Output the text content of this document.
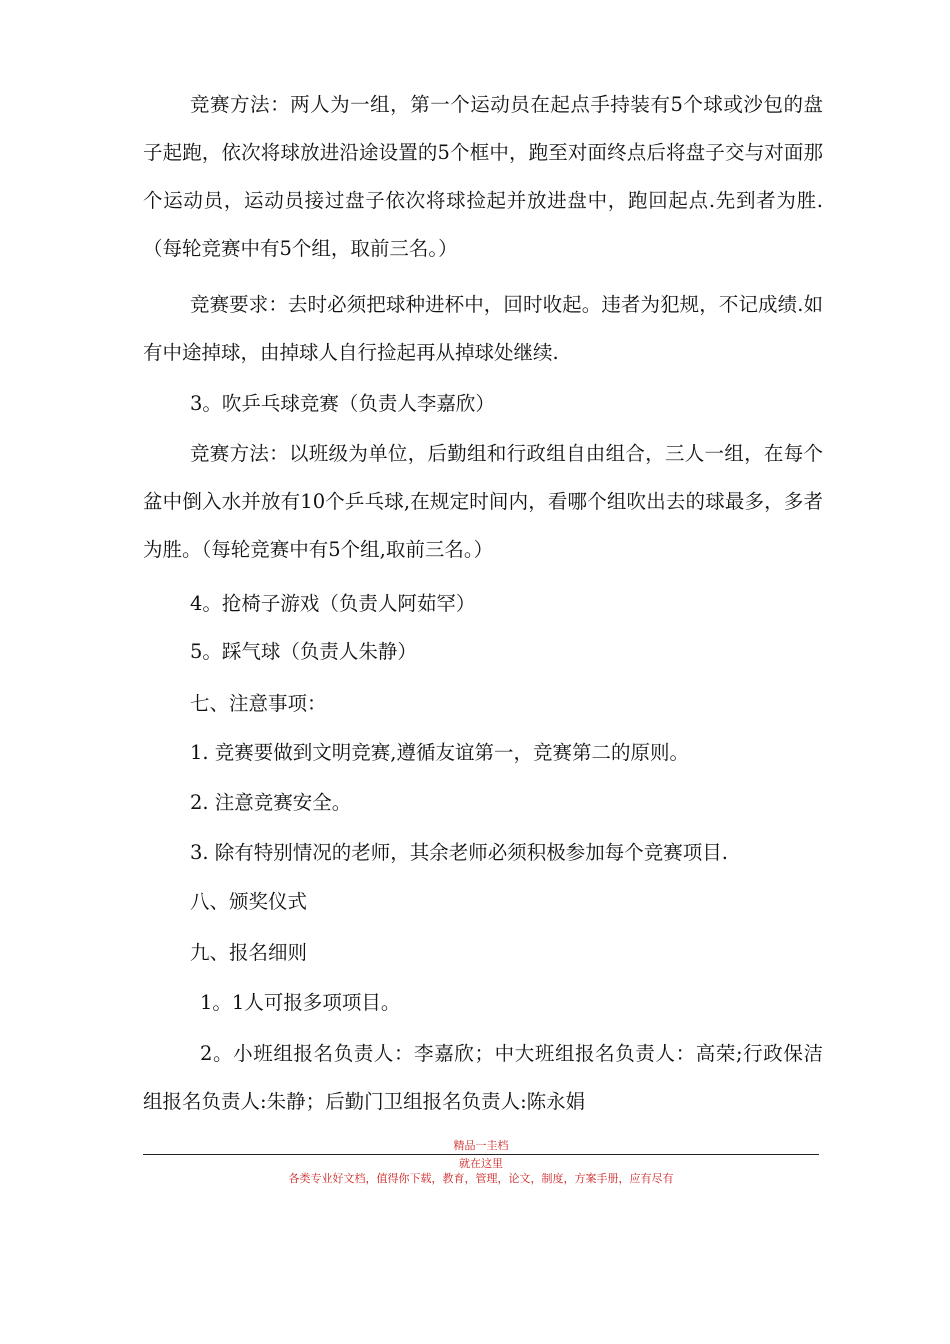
竞赛方法：两人为一组，第一个运动员在起点手持装有5个球或沙包的盘子起跑，依次将球放进沿途设置的5个框中，跑至对面终点后将盘子交与对面那个运动员，运动员接过盘子依次将球捡起并放进盘中，跑回起点.先到者为胜.（每轮竞赛中有5个组，取前三名。）

竞赛要求：去时必须把球种进杯中，回时收起。违者为犯规，不记成绩.如有中途掉球，由掉球人自行捡起再从掉球处继续.

3。吹乒乓球竞赛（负责人李嘉欣）

竞赛方法：以班级为单位，后勤组和行政组自由组合，三人一组，在每个盆中倒入水并放有10个乒乓球,在规定时间内，看哪个组吹出去的球最多，多者为胜。（每轮竞赛中有5个组,取前三名。）

4。抢椅子游戏（负责人阿茹罕）

5。踩气球（负责人朱静）

七、注意事项：

1. 竞赛要做到文明竞赛,遵循友谊第一，竞赛第二的原则。

2. 注意竞赛安全。

3. 除有特别情况的老师，其余老师必须积极参加每个竞赛项目.

八、颁奖仪式

九、报名细则

1。1人可报多项项目。

2。小班组报名负责人：李嘉欣；中大班组报名负责人：高荣;行政保洁组报名负责人:朱静；后勤门卫组报名负责人:陈永娟

精品一圭档
就在这里
各类专业好文档，值得你下载，教育，管理，论文，制度，方案手册，应有尽有
